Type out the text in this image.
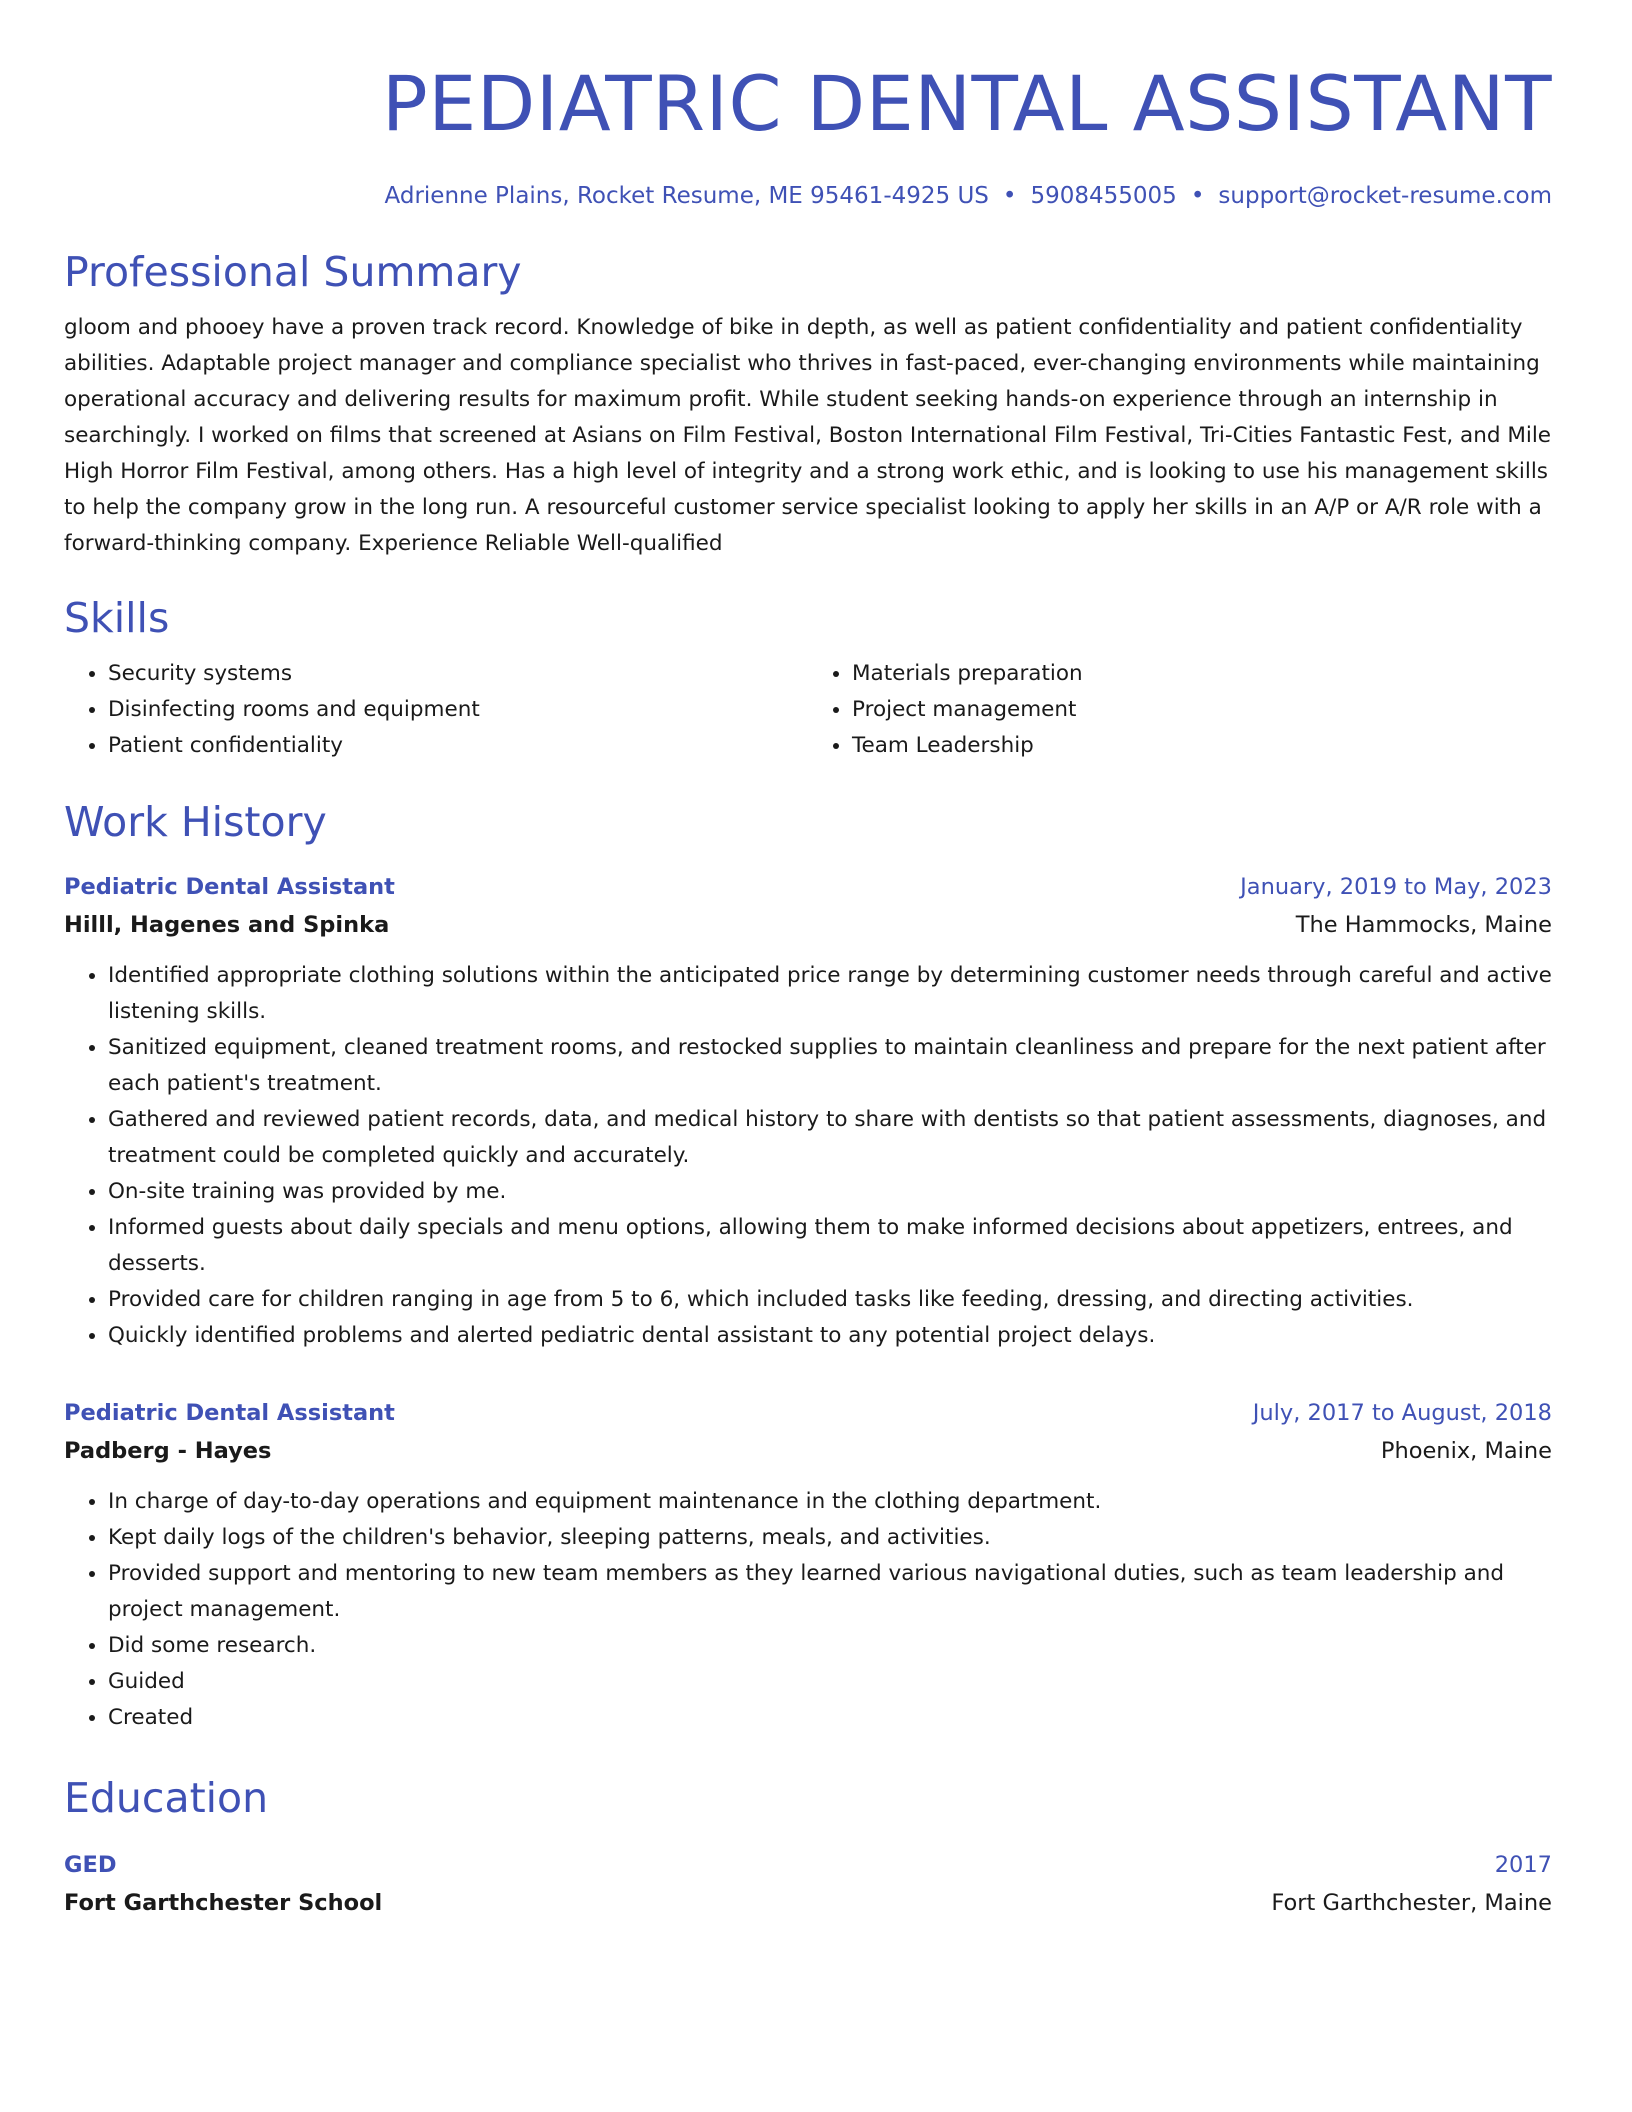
PEDIATRIC DENTAL ASSISTANT
Adrienne Plains, Rocket Resume, ME 95461-4925 US • 5908455005 • support@rocket-resume.com
Professional Summary
gloom and phooey have a proven track record. Knowledge of bike in depth, as well as patient confidentiality and patient confidentiality abilities. Adaptable project manager and compliance specialist who thrives in fast-paced, ever-changing environments while maintaining operational accuracy and delivering results for maximum profit. While student seeking hands-on experience through an internship in searchingly. I worked on films that screened at Asians on Film Festival, Boston International Film Festival, Tri-Cities Fantastic Fest, and Mile High Horror Film Festival, among others. Has a high level of integrity and a strong work ethic, and is looking to use his management skills to help the company grow in the long run. A resourceful customer service specialist looking to apply her skills in an A/P or A/R role with a forward-thinking company. Experience Reliable Well-qualified
Skills
• Security systems
• Disinfecting rooms and equipment
• Patient confidentiality
• Materials preparation
• Project management
• Team Leadership
Work History
Pediatric Dental Assistant	January, 2019 to May, 2023
Hilll, Hagenes and Spinka	The Hammocks, Maine
• Identified appropriate clothing solutions within the anticipated price range by determining customer needs through careful and active listening skills.
• Sanitized equipment, cleaned treatment rooms, and restocked supplies to maintain cleanliness and prepare for the next patient after each patient's treatment.
• Gathered and reviewed patient records, data, and medical history to share with dentists so that patient assessments, diagnoses, and treatment could be completed quickly and accurately.
• On-site training was provided by me.
• Informed guests about daily specials and menu options, allowing them to make informed decisions about appetizers, entrees, and desserts.
• Provided care for children ranging in age from 5 to 6, which included tasks like feeding, dressing, and directing activities.
• Quickly identified problems and alerted pediatric dental assistant to any potential project delays.
Pediatric Dental Assistant	July, 2017 to August, 2018
Padberg - Hayes	Phoenix, Maine
• In charge of day-to-day operations and equipment maintenance in the clothing department.
• Kept daily logs of the children's behavior, sleeping patterns, meals, and activities.
• Provided support and mentoring to new team members as they learned various navigational duties, such as team leadership and project management.
• Did some research.
• Guided
• Created
Education
GED	2017
Fort Garthchester School	Fort Garthchester, Maine
